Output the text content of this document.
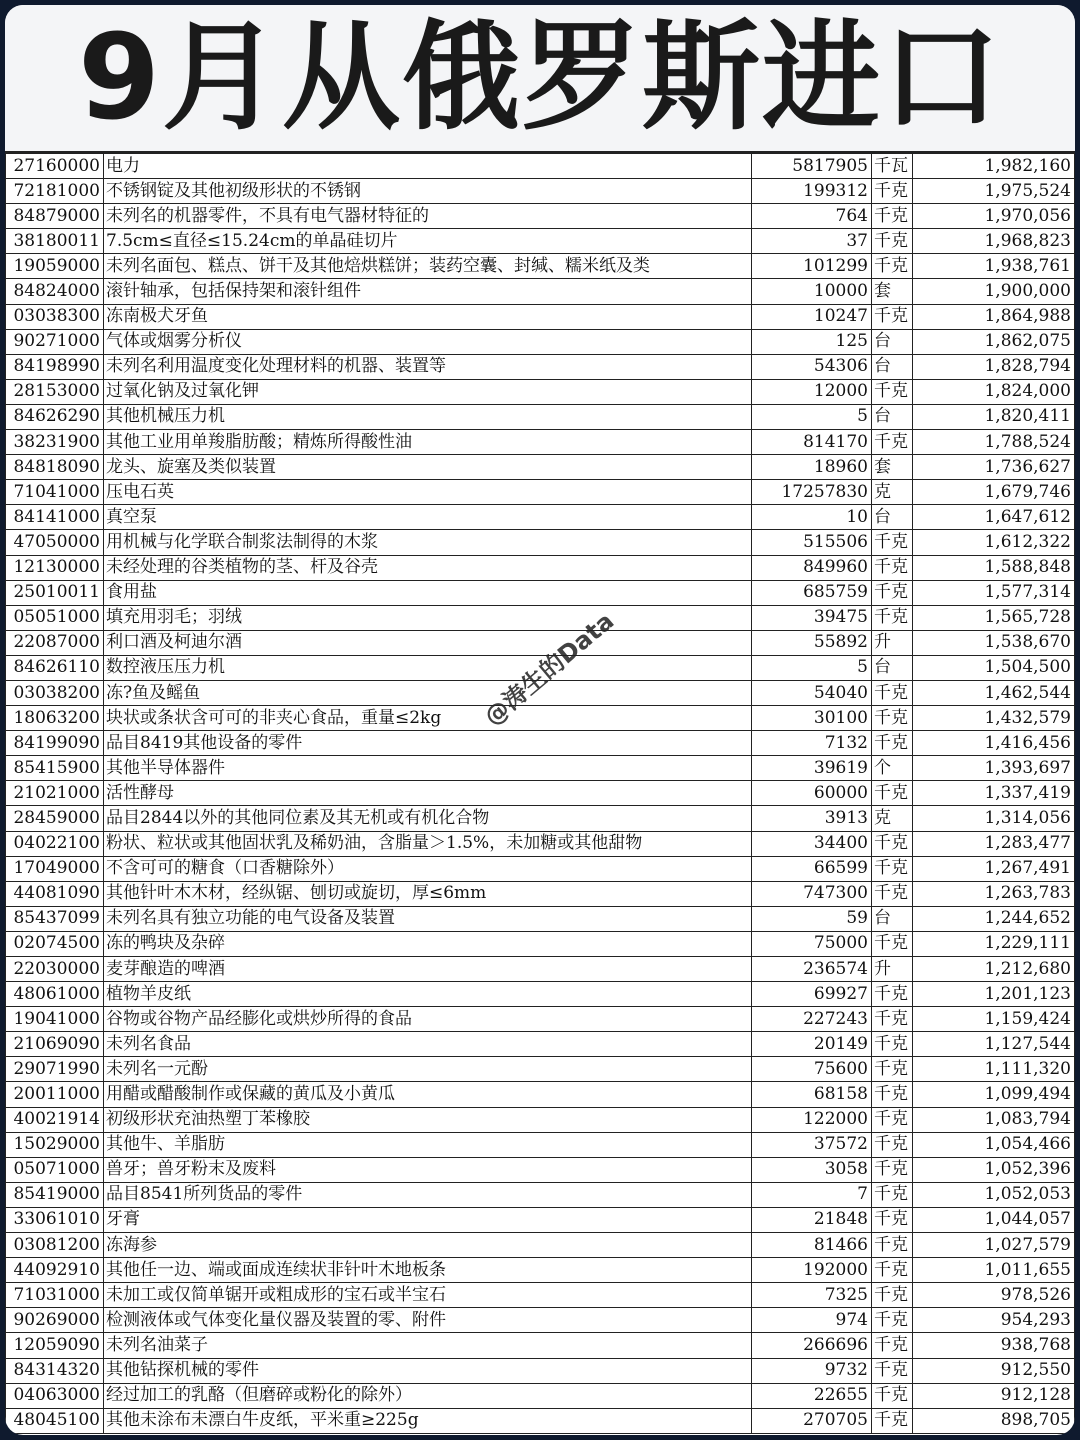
9月从俄罗斯进口
27160000	电力	5817905	千瓦	1,982,160
72181000	不锈钢锭及其他初级形状的不锈钢	199312	千克	1,975,524
84879000	未列名的机器零件，不具有电气器材特征的	764	千克	1,970,056
38180011	7.5cm≤直径≤15.24cm的单晶硅切片	37	千克	1,968,823
19059000	未列名面包、糕点、饼干及其他焙烘糕饼；装药空囊、封缄、糯米纸及类	101299	千克	1,938,761
84824000	滚针轴承，包括保持架和滚针组件	10000	套	1,900,000
03038300	冻南极犬牙鱼	10247	千克	1,864,988
90271000	气体或烟雾分析仪	125	台	1,862,075
84198990	未列名利用温度变化处理材料的机器、装置等	54306	台	1,828,794
28153000	过氧化钠及过氧化钾	12000	千克	1,824,000
84626290	其他机械压力机	5	台	1,820,411
38231900	其他工业用单羧脂肪酸；精炼所得酸性油	814170	千克	1,788,524
84818090	龙头、旋塞及类似装置	18960	套	1,736,627
71041000	压电石英	17257830	克	1,679,746
84141000	真空泵	10	台	1,647,612
47050000	用机械与化学联合制浆法制得的木浆	515506	千克	1,612,322
12130000	未经处理的谷类植物的茎、杆及谷壳	849960	千克	1,588,848
25010011	食用盐	685759	千克	1,577,314
05051000	填充用羽毛；羽绒	39475	千克	1,565,728
22087000	利口酒及柯迪尔酒	55892	升	1,538,670
84626110	数控液压压力机	5	台	1,504,500
03038200	冻?鱼及鳐鱼	54040	千克	1,462,544
18063200	块状或条状含可可的非夹心食品，重量≤2kg	30100	千克	1,432,579
84199090	品目8419其他设备的零件	7132	千克	1,416,456
85415900	其他半导体器件	39619	个	1,393,697
21021000	活性酵母	60000	千克	1,337,419
28459000	品目2844以外的其他同位素及其无机或有机化合物	3913	克	1,314,056
04022100	粉状、粒状或其他固状乳及稀奶油，含脂量＞1.5%，未加糖或其他甜物	34400	千克	1,283,477
17049000	不含可可的糖食（口香糖除外）	66599	千克	1,267,491
44081090	其他针叶木木材，经纵锯、刨切或旋切，厚≤6mm	747300	千克	1,263,783
85437099	未列名具有独立功能的电气设备及装置	59	台	1,244,652
02074500	冻的鸭块及杂碎	75000	千克	1,229,111
22030000	麦芽酿造的啤酒	236574	升	1,212,680
48061000	植物羊皮纸	69927	千克	1,201,123
19041000	谷物或谷物产品经膨化或烘炒所得的食品	227243	千克	1,159,424
21069090	未列名食品	20149	千克	1,127,544
29071990	未列名一元酚	75600	千克	1,111,320
20011000	用醋或醋酸制作或保藏的黄瓜及小黄瓜	68158	千克	1,099,494
40021914	初级形状充油热塑丁苯橡胶	122000	千克	1,083,794
15029000	其他牛、羊脂肪	37572	千克	1,054,466
05071000	兽牙；兽牙粉末及废料	3058	千克	1,052,396
85419000	品目8541所列货品的零件	7	千克	1,052,053
33061010	牙膏	21848	千克	1,044,057
03081200	冻海参	81466	千克	1,027,579
44092910	其他任一边、端或面成连续状非针叶木地板条	192000	千克	1,011,655
71031000	未加工或仅简单锯开或粗成形的宝石或半宝石	7325	千克	978,526
90269000	检测液体或气体变化量仪器及装置的零、附件	974	千克	954,293
12059090	未列名油菜子	266696	千克	938,768
84314320	其他钻探机械的零件	9732	千克	912,550
04063000	经过加工的乳酪（但磨碎或粉化的除外）	22655	千克	912,128
48045100	其他未涂布未漂白牛皮纸，平米重≥225g	270705	千克	898,705
@涛生的Data
